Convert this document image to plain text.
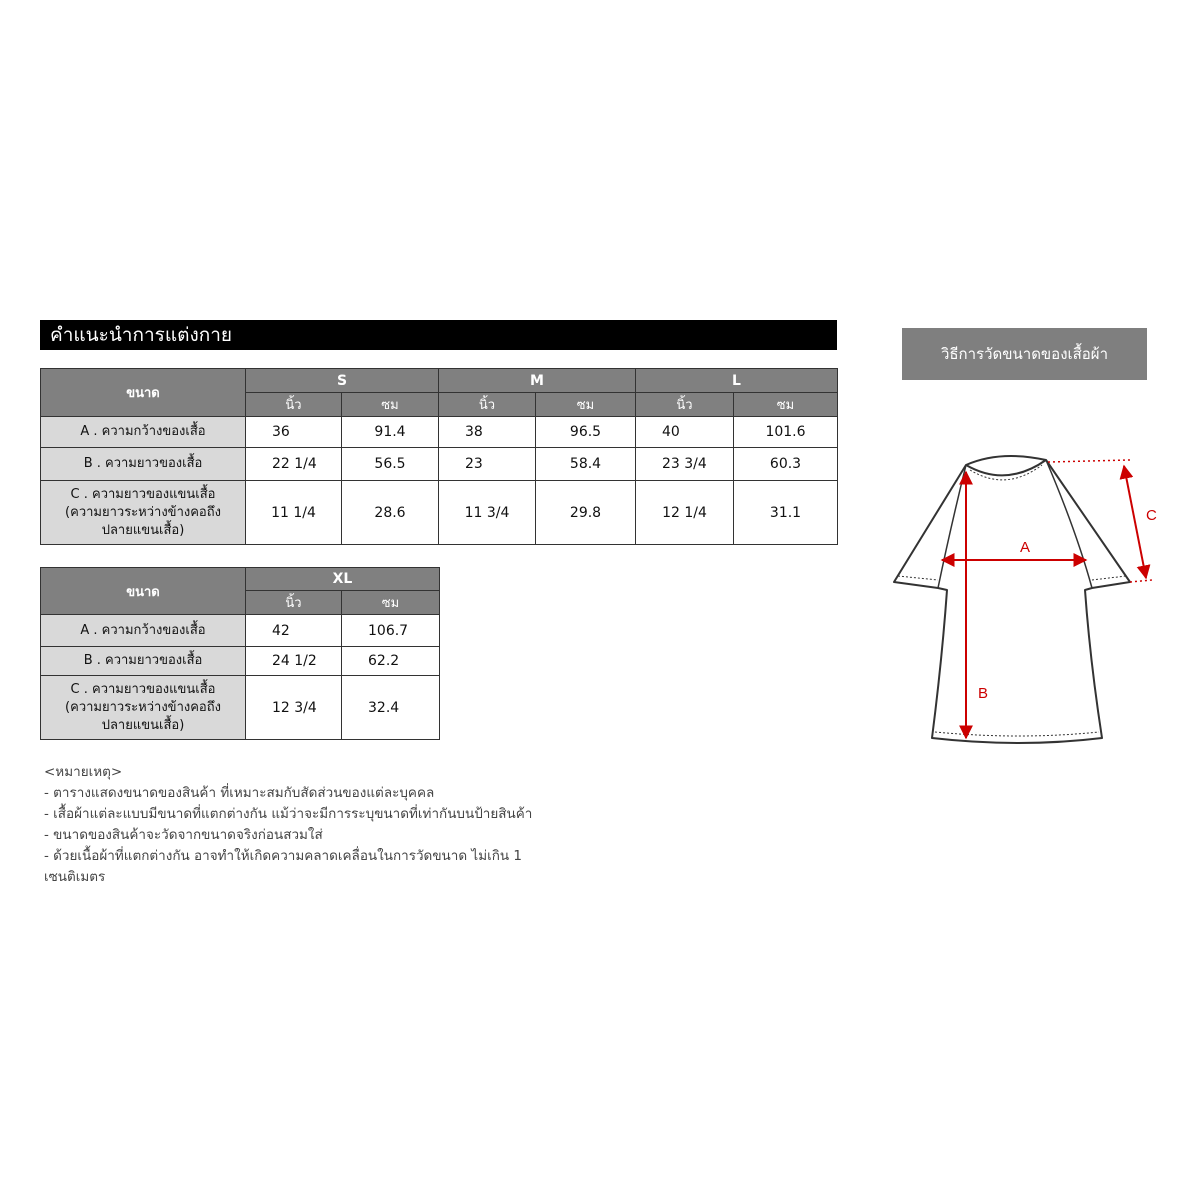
คำแนะนำการแต่งกาย
ขนาด	S		M		L	
	นิ้ว	ซม	นิ้ว	ซม	นิ้ว	ซม
A . ความกว้างของเสื้อ	36	91.4	38	96.5	40	101.6
B . ความยาวของเสื้อ	22 1/4	56.5	23	58.4	23 3/4	60.3

C . ความยาวของแขนเสื้อ
(ความยาวระหว่างข้างคอถึง
ปลายแขนเสื้อ)	11 1/4	28.6	11 3/4	29.8	12 1/4	31.1
ขนาด	XL	
	นิ้ว	ซม
A . ความกว้างของเสื้อ	42	106.7
B . ความยาวของเสื้อ	24 1/2	62.2

C . ความยาวของแขนเสื้อ
(ความยาวระหว่างข้างคอถึง
ปลายแขนเสื้อ)	12 3/4	32.4
<หมายเหตุ>
- ตารางแสดงขนาดของสินค้า ที่เหมาะสมกับสัดส่วนของแต่ละบุคคล
- เสื้อผ้าแต่ละแบบมีขนาดที่แตกต่างกัน แม้ว่าจะมีการระบุขนาดที่เท่ากันบนป้ายสินค้า
- ขนาดของสินค้าจะวัดจากขนาดจริงก่อนสวมใส่
- ด้วยเนื้อผ้าที่แตกต่างกัน อาจทำให้เกิดความคลาดเคลื่อนในการวัดขนาด ไม่เกิน 1
เซนติเมตร
วิธีการวัดขนาดของเสื้อผ้า
A
B
C
